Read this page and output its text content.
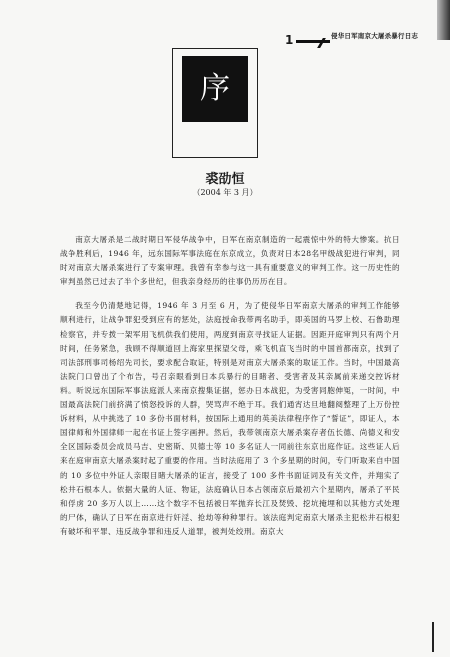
1	侵华日军南京大屠杀暴行日志
序
裘劭恒
（2004 年 3 月）

南京大屠杀是二战时期日军侵华战争中，日军在南京制造的一起震惊中外的特大惨案。抗日战争胜利后，1946 年，远东国际军事法庭在东京成立，负责对日本28名甲级战犯进行审判，同时对南京大屠杀案进行了专案审理。我曾有幸参与这一具有重要意义的审判工作。这一历史性的审判虽然已过去了半个多世纪，但我亲身经历的往事仍历历在目。

我至今仍清楚地记得，1946 年 3 月至 6 月，为了使侵华日军南京大屠杀的审判工作能够顺利进行，让战争罪犯受到应有的惩处，法庭授命我带两名助手，即美国的马罗上校、石鲁助理检察官，并专拨一架军用飞机供我们使用，两度到南京寻找证人证据。因距开庭审判只有两个月时间，任务紧急，我顾不得顺道回上海家里探望父母，乘飞机直飞当时的中国首都南京，找到了司法部刑事司杨绍先司长，要求配合取证，特别是对南京大屠杀案的取证工作。当时，中国最高法院门口曾出了个布告，号召亲眼看到日本兵暴行的目睹者、受害者及其亲属前来递交控诉材料。听说远东国际军事法庭派人来南京搜集证据，惩办日本战犯，为受害同胞伸冤，一时间，中国最高法院门前挤满了愤怒投诉的人群，哭骂声不绝于耳。我们通宵达旦地翻阅整理了上万份控诉材料，从中挑选了 10 多份书面材料，按国际上通用的英美法律程序作了“誓证”，即证人，本国律师和外国律师一起在书证上签字画押。然后，我带领南京大屠杀案存者伍长德、尚德义和安全区国际委员会成员马吉、史密斯、贝德士等 10 多名证人一同前往东京出庭作证。这些证人后来在庭审南京大屠杀案时起了重要的作用。当时法庭用了 3 个多星期的时间，专门听取来自中国的 10 多位中外证人亲眼目睹大屠杀的证言，接受了 100 多件书面证词及有关文件，并翔实了松井石根本人。依据大量的人证、物证，法庭确认日本占领南京后最初六个星期内，屠杀了平民和俘虏 20 多万人以上……这个数字不包括被日军抛弃长江及焚毁、挖坑掩埋和以其他方式处理的尸体，确认了日军在南京进行奸淫、抢劫等种种罪行。该法庭判定南京大屠杀主犯松井石根犯有破坏和平罪、违反战争罪和违反人道罪，被判处绞刑。南京大
